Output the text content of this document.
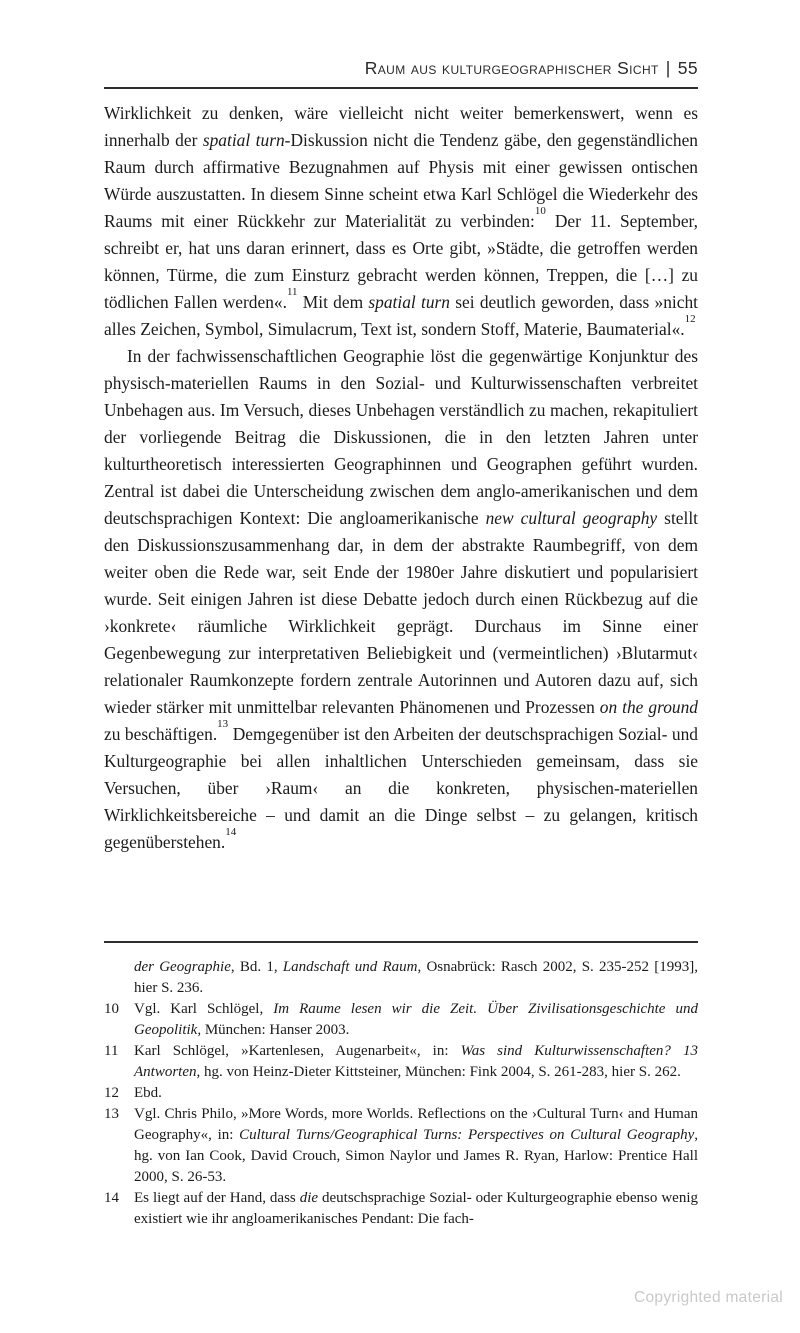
Raum aus kulturgeographischer Sicht | 55

Wirklichkeit zu denken, wäre vielleicht nicht weiter bemerkenswert, wenn es innerhalb der spatial turn-Diskussion nicht die Tendenz gäbe, den gegenständlichen Raum durch affirmative Bezugnahmen auf Physis mit einer gewissen ontischen Würde auszustatten. In diesem Sinne scheint etwa Karl Schlögel die Wiederkehr des Raums mit einer Rückkehr zur Materialität zu verbinden:$^{10}$ Der 11. September, schreibt er, hat uns daran erinnert, dass es Orte gibt, »Städte, die getroffen werden können, Türme, die zum Einsturz gebracht werden können, Treppen, die […] zu tödlichen Fallen werden«.$^{11}$ Mit dem spatial turn sei deutlich geworden, dass »nicht alles Zeichen, Symbol, Simulacrum, Text ist, sondern Stoff, Materie, Baumaterial«.$^{12}$

In der fachwissenschaftlichen Geographie löst die gegenwärtige Konjunktur des physisch-materiellen Raums in den Sozial- und Kulturwissenschaften verbreitet Unbehagen aus. Im Versuch, dieses Unbehagen verständlich zu machen, rekapituliert der vorliegende Beitrag die Diskussionen, die in den letzten Jahren unter kulturtheoretisch interessierten Geographinnen und Geographen geführt wurden. Zentral ist dabei die Unterscheidung zwischen dem anglo-amerikanischen und dem deutschsprachigen Kontext: Die angloamerikanische new cultural geography stellt den Diskussionszusammenhang dar, in dem der abstrakte Raumbegriff, von dem weiter oben die Rede war, seit Ende der 1980er Jahre diskutiert und popularisiert wurde. Seit einigen Jahren ist diese Debatte jedoch durch einen Rückbezug auf die ›konkrete‹ räumliche Wirklichkeit geprägt. Durchaus im Sinne einer Gegenbewegung zur interpretativen Beliebigkeit und (vermeintlichen) ›Blutarmut‹ relationaler Raumkonzepte fordern zentrale Autorinnen und Autoren dazu auf, sich wieder stärker mit unmittelbar relevanten Phänomenen und Prozessen on the ground zu beschäftigen.$^{13}$ Demgegenüber ist den Arbeiten der deutschsprachigen Sozial- und Kulturgeographie bei allen inhaltlichen Unterschieden gemeinsam, dass sie Versuchen, über ›Raum‹ an die konkreten, physischen-materiellen Wirklichkeitsbereiche – und damit an die Dinge selbst – zu gelangen, kritisch gegenüberstehen.$^{14}$

der Geographie, Bd. 1, Landschaft und Raum, Osnabrück: Rasch 2002, S. 235-252 [1993], hier S. 236.
10 Vgl. Karl Schlögel, Im Raume lesen wir die Zeit. Über Zivilisationsgeschichte und Geopolitik, München: Hanser 2003.
11 Karl Schlögel, »Kartenlesen, Augenarbeit«, in: Was sind Kulturwissenschaften? 13 Antworten, hg. von Heinz-Dieter Kittsteiner, München: Fink 2004, S. 261-283, hier S. 262.
12 Ebd.
13 Vgl. Chris Philo, »More Words, more Worlds. Reflections on the ›Cultural Turn‹ and Human Geography«, in: Cultural Turns/Geographical Turns: Perspectives on Cultural Geography, hg. von Ian Cook, David Crouch, Simon Naylor und James R. Ryan, Harlow: Prentice Hall 2000, S. 26-53.
14 Es liegt auf der Hand, dass die deutschsprachige Sozial- oder Kulturgeographie ebenso wenig existiert wie ihr angloamerikanisches Pendant: Die fach-
Copyrighted material
